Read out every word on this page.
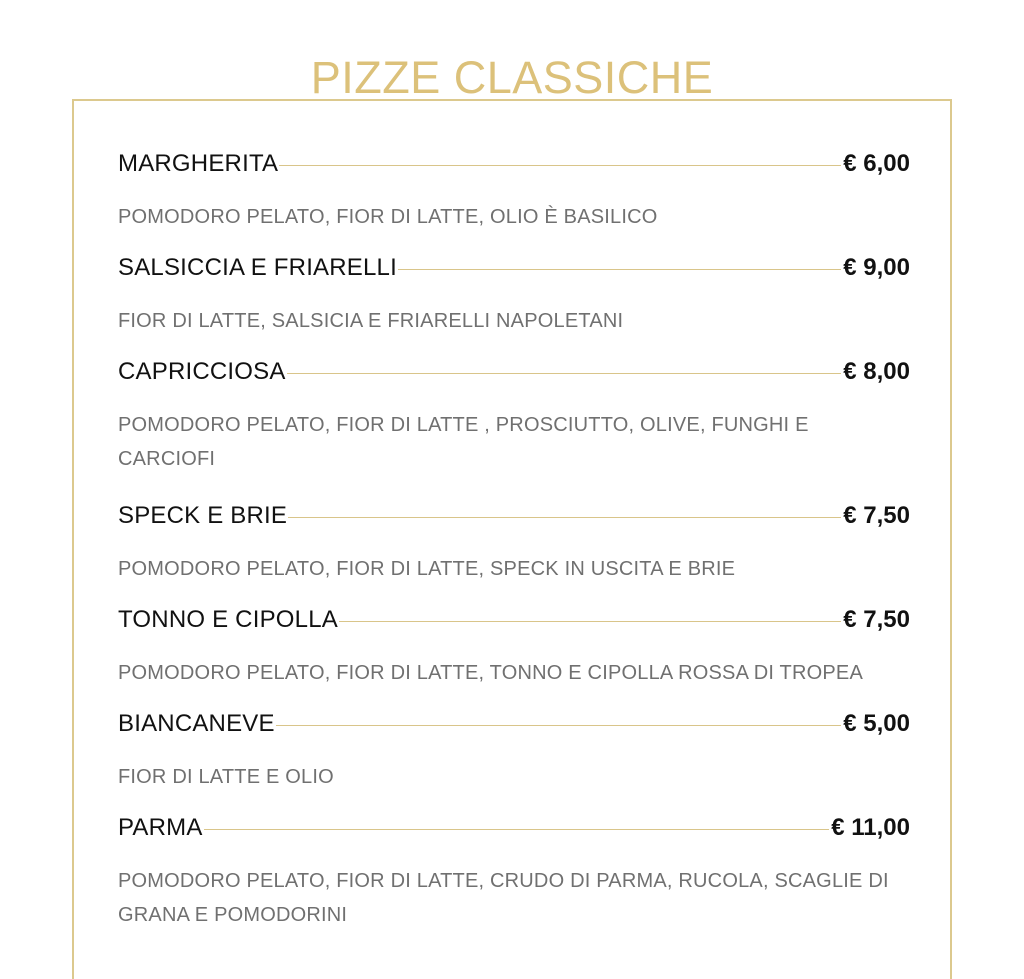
PIZZE CLASSICHE
MARGHERITA	€ 6,00
POMODORO PELATO, FIOR DI LATTE, OLIO È BASILICO
SALSICCIA E FRIARELLI	€ 9,00
FIOR DI LATTE, SALSICIA E FRIARELLI NAPOLETANI
CAPRICCIOSA	€ 8,00
POMODORO PELATO, FIOR DI LATTE , PROSCIUTTO, OLIVE, FUNGHI E CARCIOFI
SPECK E BRIE	€ 7,50
POMODORO PELATO, FIOR DI LATTE, SPECK IN USCITA E BRIE
TONNO E CIPOLLA	€ 7,50
POMODORO PELATO, FIOR DI LATTE, TONNO E CIPOLLA ROSSA DI TROPEA
BIANCANEVE	€ 5,00
FIOR DI LATTE E OLIO
PARMA	€ 11,00
POMODORO PELATO, FIOR DI LATTE, CRUDO DI PARMA, RUCOLA, SCAGLIE DI GRANA E POMODORINI
